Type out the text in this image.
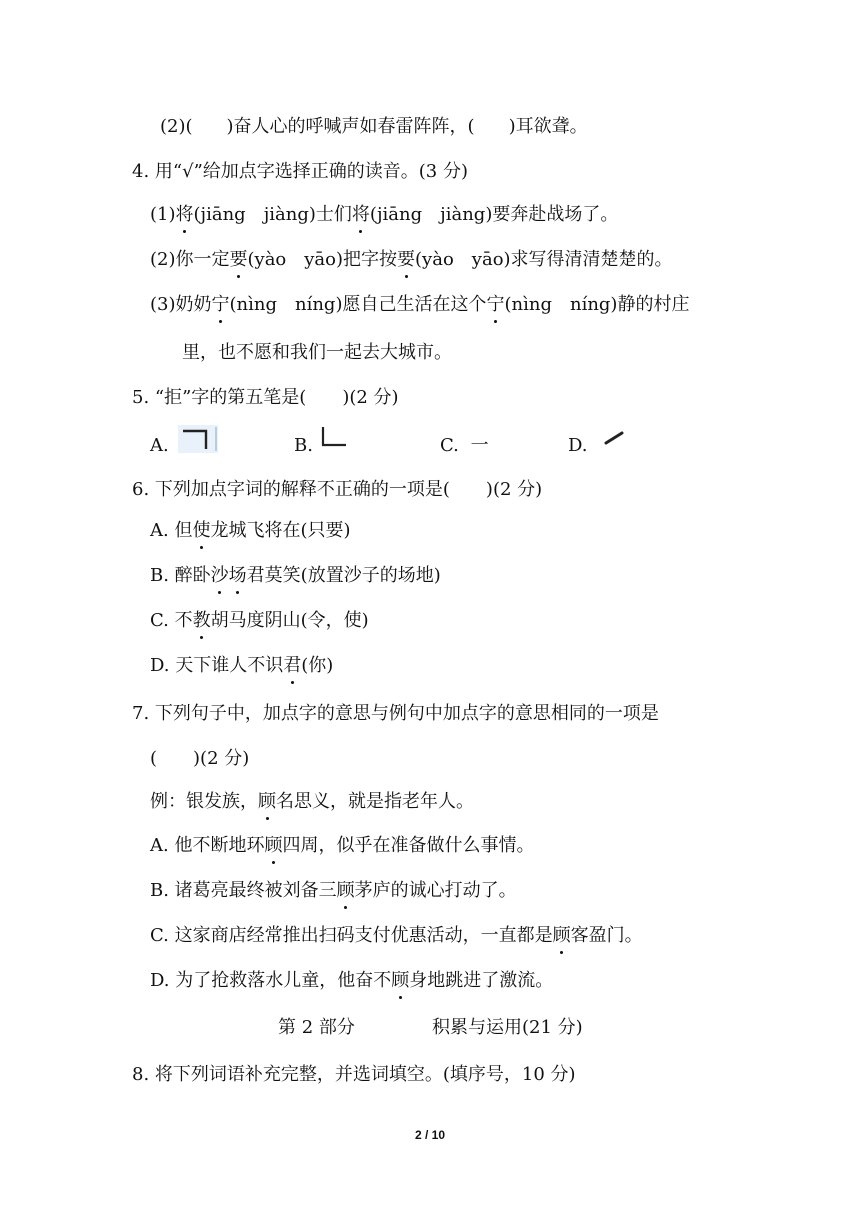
(2)( )奋人心的呼喊声如春雷阵阵，( )耳欲聋。
4. 用“√”给加点字选择正确的读音。(3 分)
(1)将(jiāng　jiàng)士们将(jiāng　jiàng)要奔赴战场了。
(2)你一定要(yào　yāo)把字按要(yào　yāo)求写得清清楚楚的。
(3)奶奶宁(nìng　níng)愿自己生活在这个宁(nìng　níng)静的村庄
里，也不愿和我们一起去大城市。
5. “拒”字的第五笔是(　　)(2 分)
A.	B.	C. 一	D.
6. 下列加点字词的解释不正确的一项是(　　)(2 分)
A. 但使龙城飞将在(只要)
B. 醉卧沙场君莫笑(放置沙子的场地)
C. 不教胡马度阴山(令，使)
D. 天下谁人不识君(你)
7. 下列句子中，加点字的意思与例句中加点字的意思相同的一项是
(　　)(2 分)
例：银发族，顾名思义，就是指老年人。
A. 他不断地环顾四周，似乎在准备做什么事情。
B. 诸葛亮最终被刘备三顾茅庐的诚心打动了。
C. 这家商店经常推出扫码支付优惠活动，一直都是顾客盈门。
D. 为了抢救落水儿童，他奋不顾身地跳进了激流。
第 2 部分	积累与运用(21 分)
8. 将下列词语补充完整，并选词填空。(填序号，10 分)
2 / 10
